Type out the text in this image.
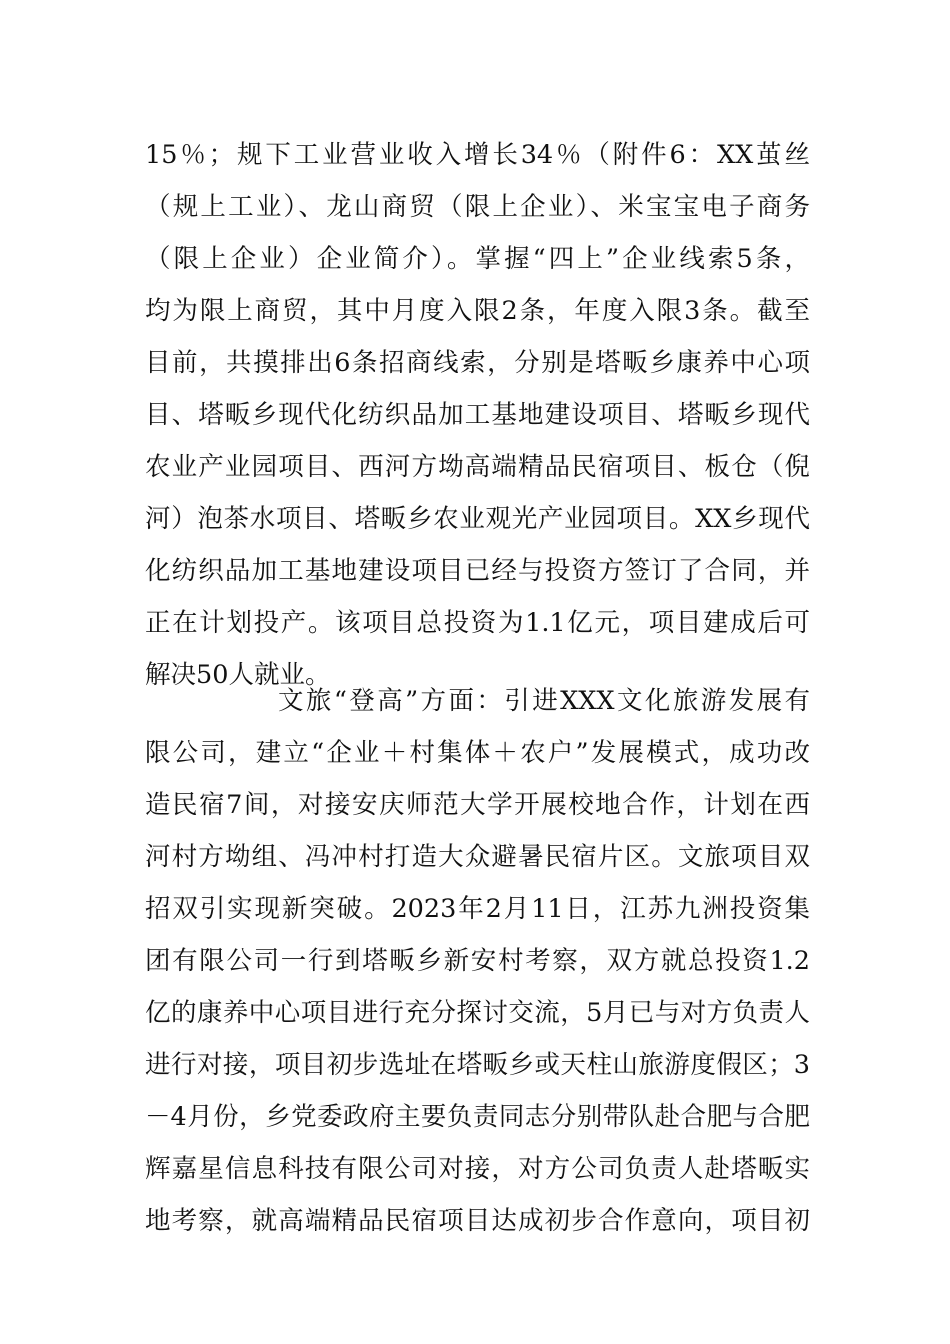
15％；规下工业营业收入增长34％（附件6：XX茧丝
（规上工业）、龙山商贸（限上企业）、米宝宝电子商务
（限上企业）企业简介）。掌握“四上”企业线索5条，
均为限上商贸，其中月度入限2条，年度入限3条。截至
目前，共摸排出6条招商线索，分别是塔畈乡康养中心项
目、塔畈乡现代化纺织品加工基地建设项目、塔畈乡现代
农业产业园项目、西河方坳高端精品民宿项目、板仓（倪
河）泡茶水项目、塔畈乡农业观光产业园项目。XX乡现代
化纺织品加工基地建设项目已经与投资方签订了合同，并
正在计划投产。该项目总投资为1.1亿元，项目建成后可
解决50人就业。
文旅“登高”方面：引进XXX文化旅游发展有
限公司，建立“企业＋村集体＋农户”发展模式，成功改
造民宿7间，对接安庆师范大学开展校地合作，计划在西
河村方坳组、冯冲村打造大众避暑民宿片区。文旅项目双
招双引实现新突破。2023年2月11日，江苏九洲投资集
团有限公司一行到塔畈乡新安村考察，双方就总投资1.2
亿的康养中心项目进行充分探讨交流，5月已与对方负责人
进行对接，项目初步选址在塔畈乡或天柱山旅游度假区；3
－4月份，乡党委政府主要负责同志分别带队赴合肥与合肥
辉嘉星信息科技有限公司对接，对方公司负责人赴塔畈实
地考察，就高端精品民宿项目达成初步合作意向，项目初
